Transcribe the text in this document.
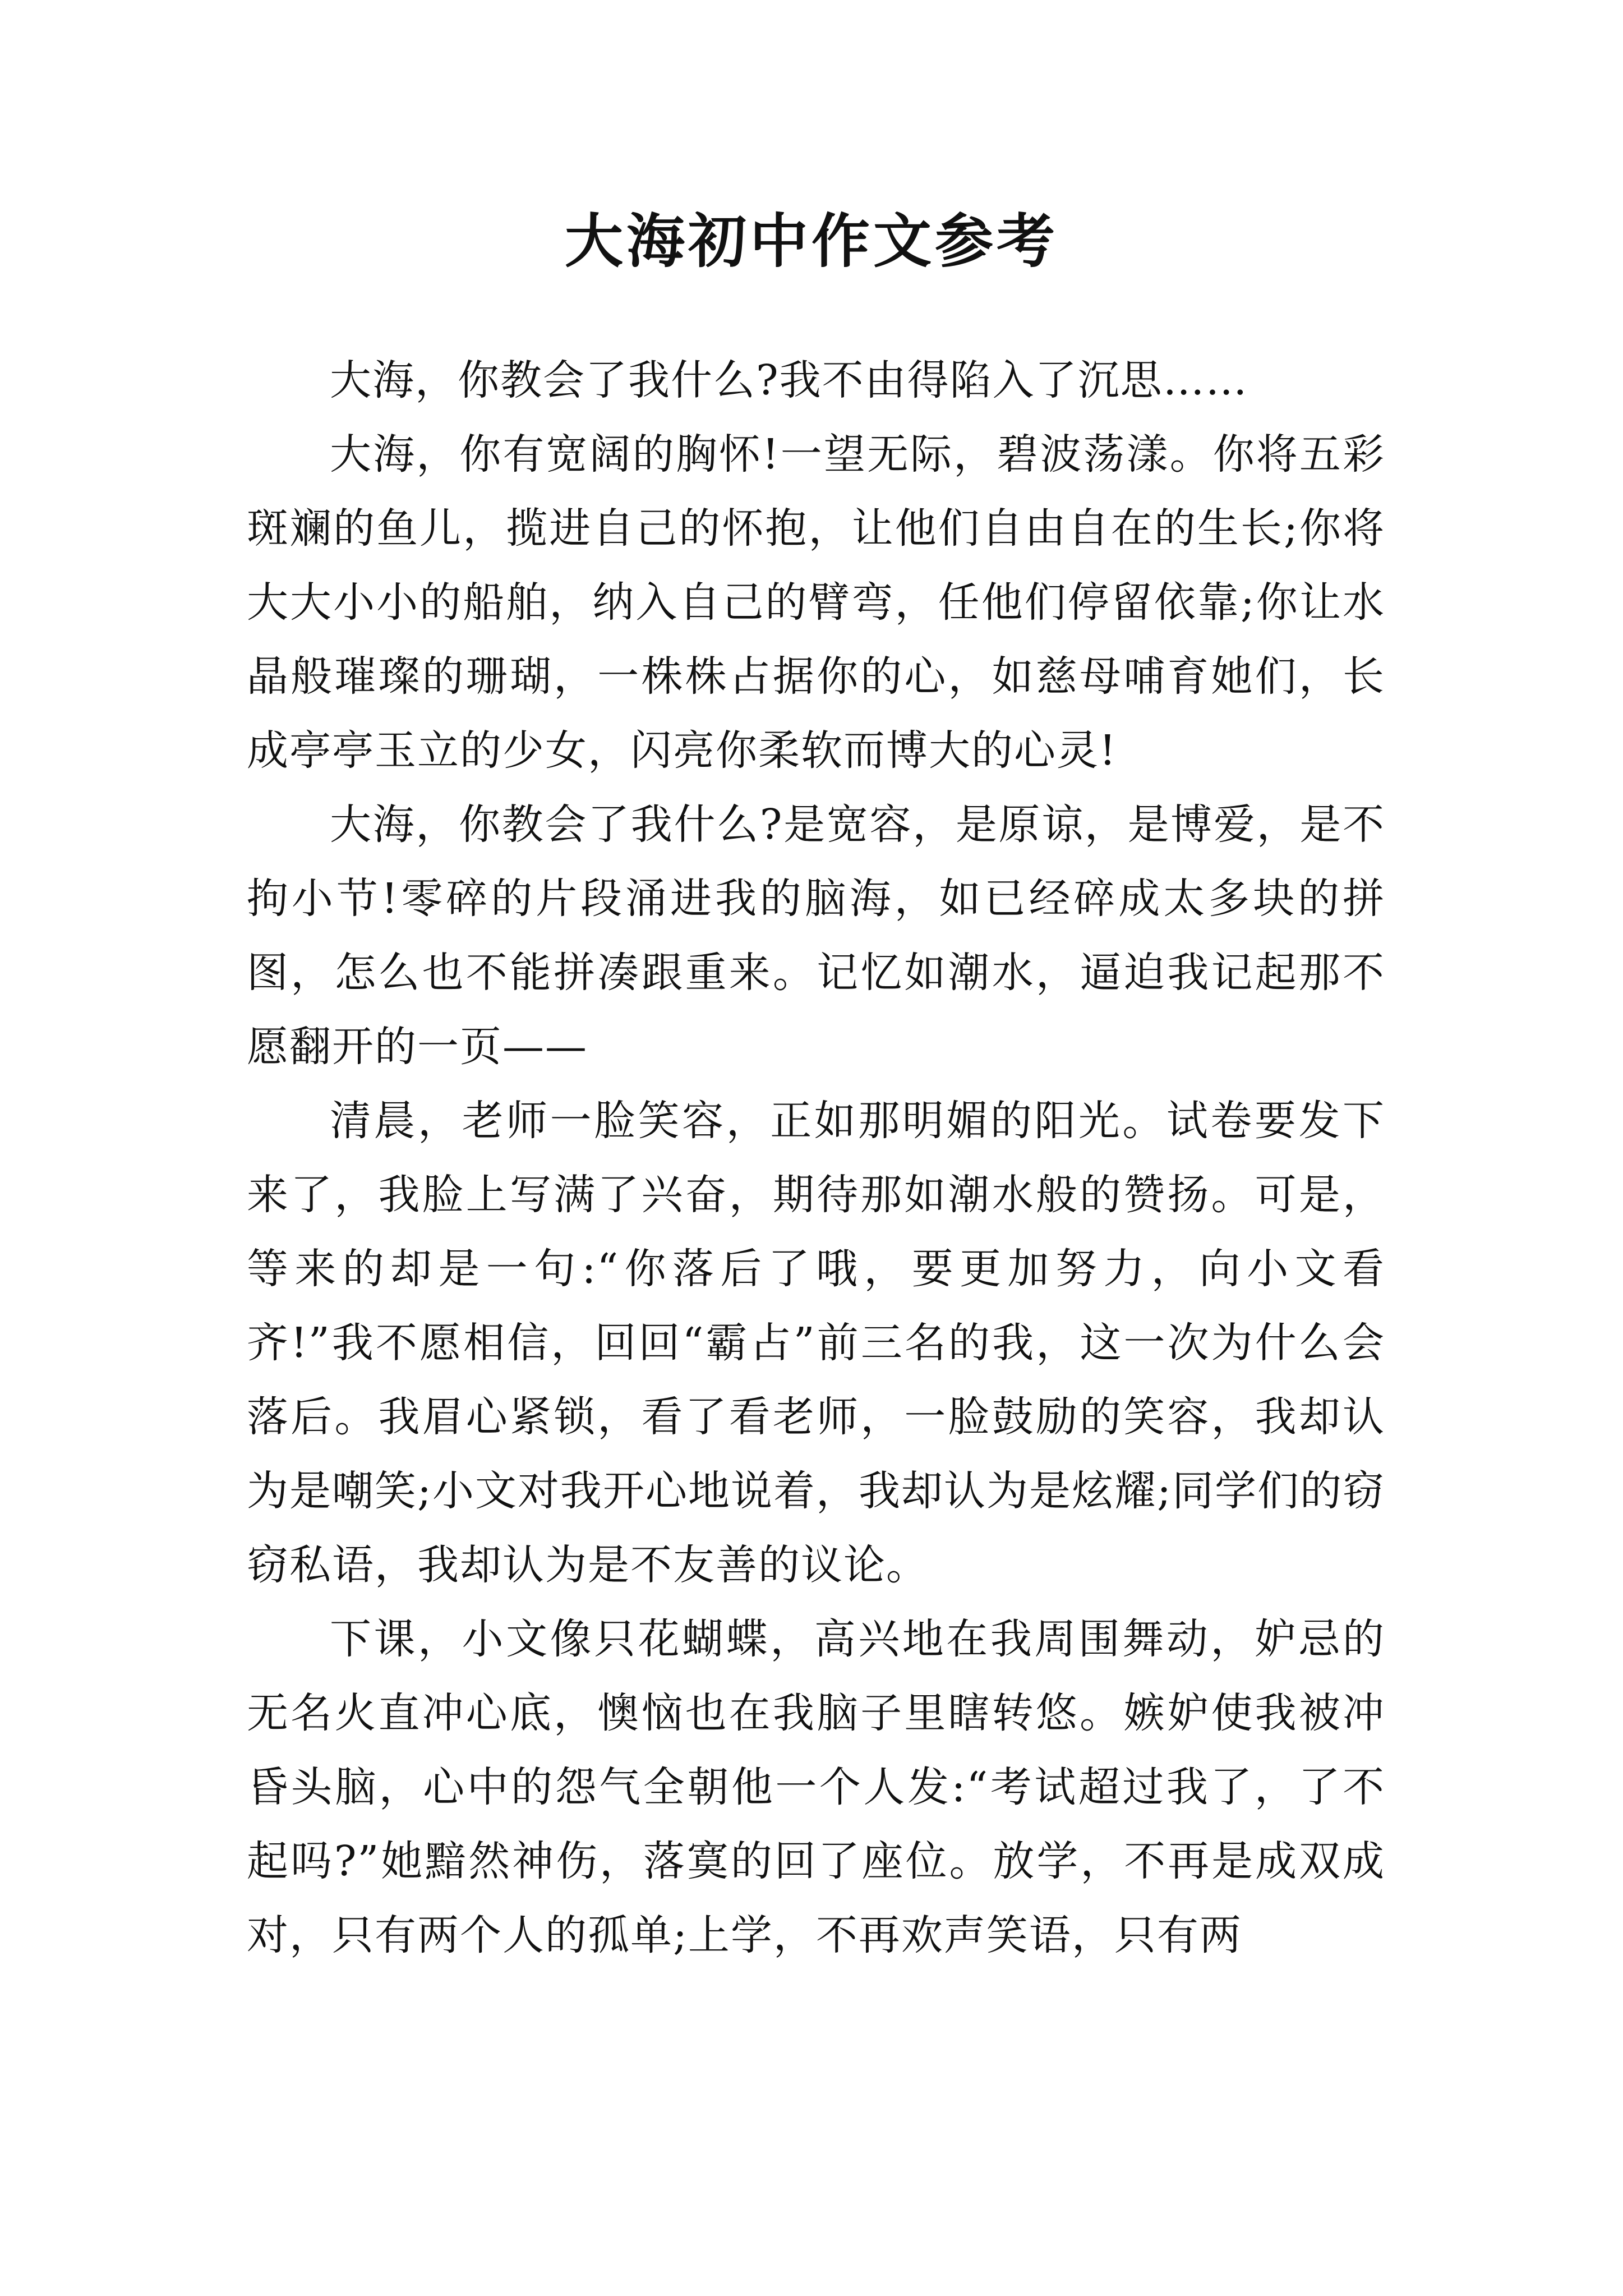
大海初中作文参考

大海，你教会了我什么?我不由得陷入了沉思……

大海，你有宽阔的胸怀!一望无际，碧波荡漾。你将五彩斑斓的鱼儿，揽进自己的怀抱，让他们自由自在的生长;你将大大小小的船舶，纳入自己的臂弯，任他们停留依靠;你让水晶般璀璨的珊瑚，一株株占据你的心，如慈母哺育她们，长成亭亭玉立的少女，闪亮你柔软而博大的心灵!

大海，你教会了我什么?是宽容，是原谅，是博爱，是不拘小节!零碎的片段涌进我的脑海，如已经碎成太多块的拼图，怎么也不能拼凑跟重来。记忆如潮水，逼迫我记起那不愿翻开的一页——

清晨，老师一脸笑容，正如那明媚的阳光。试卷要发下来了，我脸上写满了兴奋，期待那如潮水般的赞扬。可是，等来的却是一句:“你落后了哦，要更加努力，向小文看齐!”我不愿相信，回回“霸占”前三名的我，这一次为什么会落后。我眉心紧锁，看了看老师，一脸鼓励的笑容，我却认为是嘲笑;小文对我开心地说着，我却认为是炫耀;同学们的窃窃私语，我却认为是不友善的议论。

下课，小文像只花蝴蝶，高兴地在我周围舞动，妒忌的无名火直冲心底，懊恼也在我脑子里瞎转悠。嫉妒使我被冲昏头脑，心中的怨气全朝他一个人发:“考试超过我了，了不起吗?”她黯然神伤，落寞的回了座位。放学，不再是成双成对，只有两个人的孤单;上学，不再欢声笑语，只有两
